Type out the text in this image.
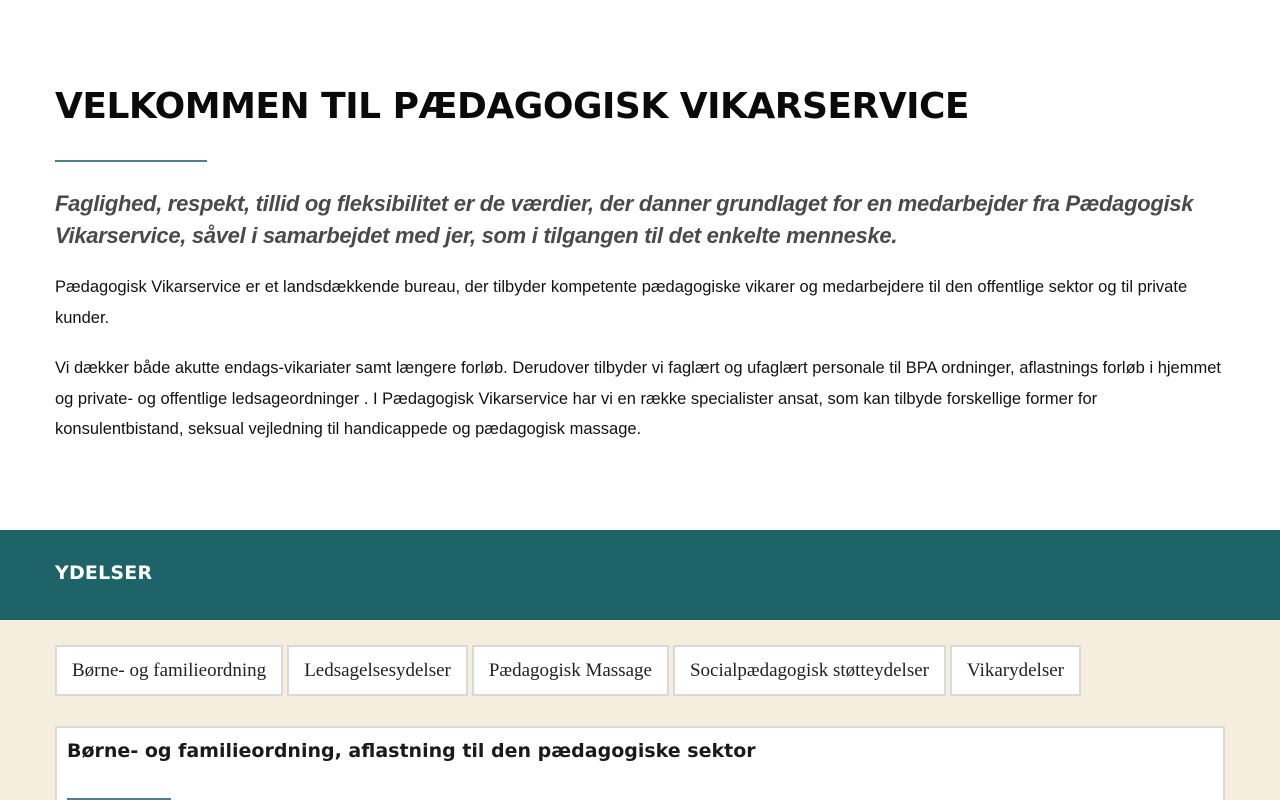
VELKOMMEN TIL PÆDAGOGISK VIKARSERVICE

Faglighed, respekt, tillid og fleksibilitet er de værdier, der danner grundlaget for en medarbejder fra Pædagogisk Vikarservice, såvel i samarbejdet med jer, som i tilgangen til det enkelte menneske.

Pædagogisk Vikarservice er et landsdækkende bureau, der tilbyder kompetente pædagogiske vikarer og medarbejdere til den offentlige sektor og til private kunder.

Vi dækker både akutte endags-vikariater samt længere forløb. Derudover tilbyder vi faglært og ufaglært personale til BPA ordninger, aflastnings forløb i hjemmet og private- og offentlige ledsageordninger . I Pædagogisk Vikarservice har vi en række specialister ansat, som kan tilbyde forskellige former for konsulentbistand, seksual vejledning til handicappede og pædagogisk massage.

YDELSER
Børne- og familieordning	Ledsagelsesydelser	Pædagogisk Massage	Socialpædagogisk støtteydelser	Vikarydelser
Børne- og familieordning, aflastning til den pædagogiske sektor
